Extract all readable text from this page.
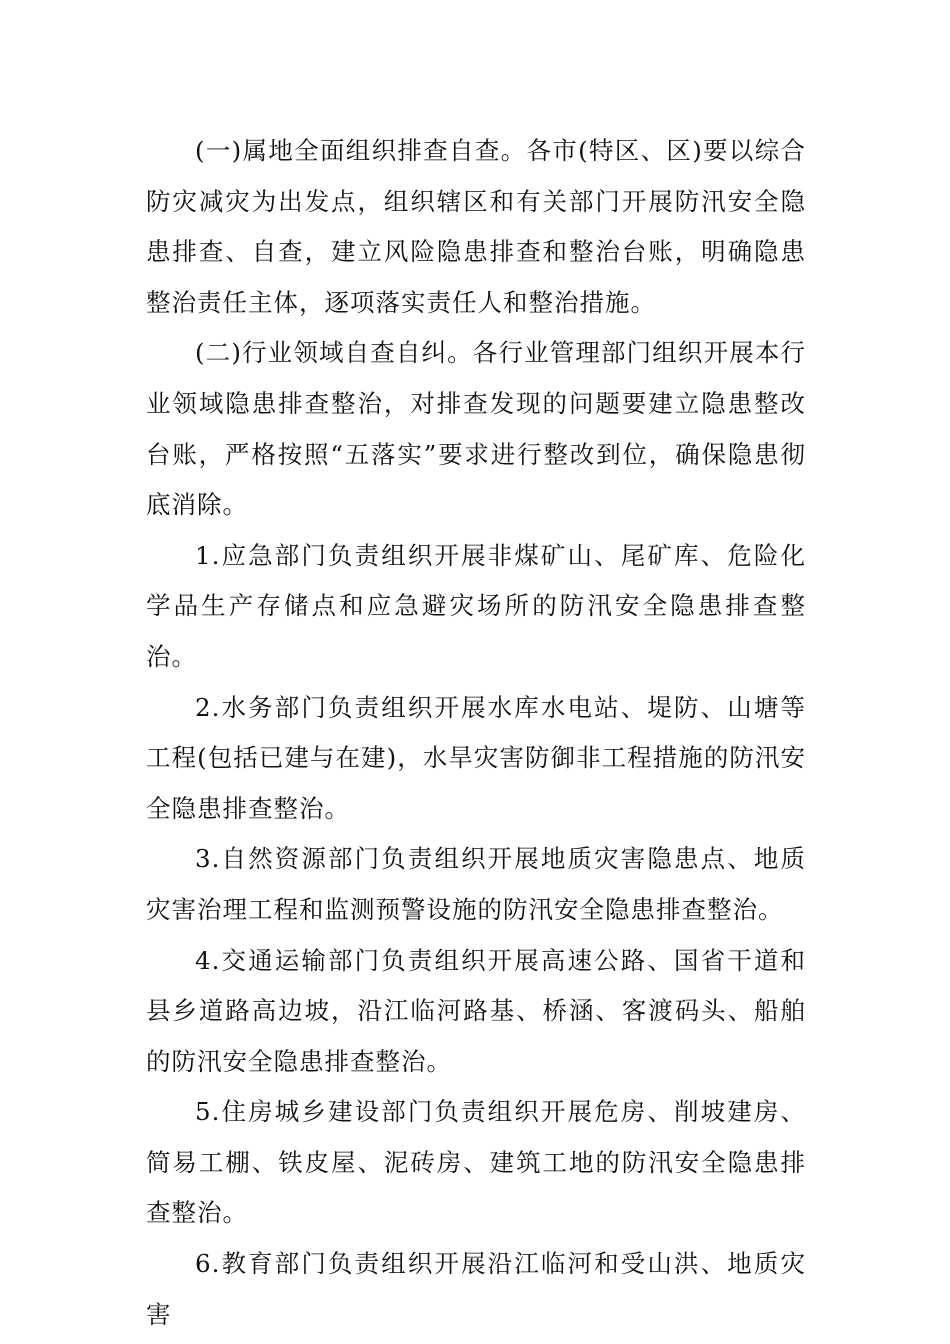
(一)属地全面组织排查自查。各市(特区、区)要以综合防灾减灾为出发点，组织辖区和有关部门开展防汛安全隐患排查、自查，建立风险隐患排查和整治台账，明确隐患整治责任主体，逐项落实责任人和整治措施。

(二)行业领域自查自纠。各行业管理部门组织开展本行业领域隐患排查整治，对排查发现的问题要建立隐患整改台账，严格按照“五落实”要求进行整改到位，确保隐患彻底消除。

1.应急部门负责组织开展非煤矿山、尾矿库、危险化学品生产存储点和应急避灾场所的防汛安全隐患排查整治。

2.水务部门负责组织开展水库水电站、堤防、山塘等工程(包括已建与在建)，水旱灾害防御非工程措施的防汛安全隐患排查整治。

3.自然资源部门负责组织开展地质灾害隐患点、地质灾害治理工程和监测预警设施的防汛安全隐患排查整治。

4.交通运输部门负责组织开展高速公路、国省干道和县乡道路高边坡，沿江临河路基、桥涵、客渡码头、船舶的防汛安全隐患排查整治。

5.住房城乡建设部门负责组织开展危房、削坡建房、简易工棚、铁皮屋、泥砖房、建筑工地的防汛安全隐患排查整治。

6.教育部门负责组织开展沿江临河和受山洪、地质灾害
